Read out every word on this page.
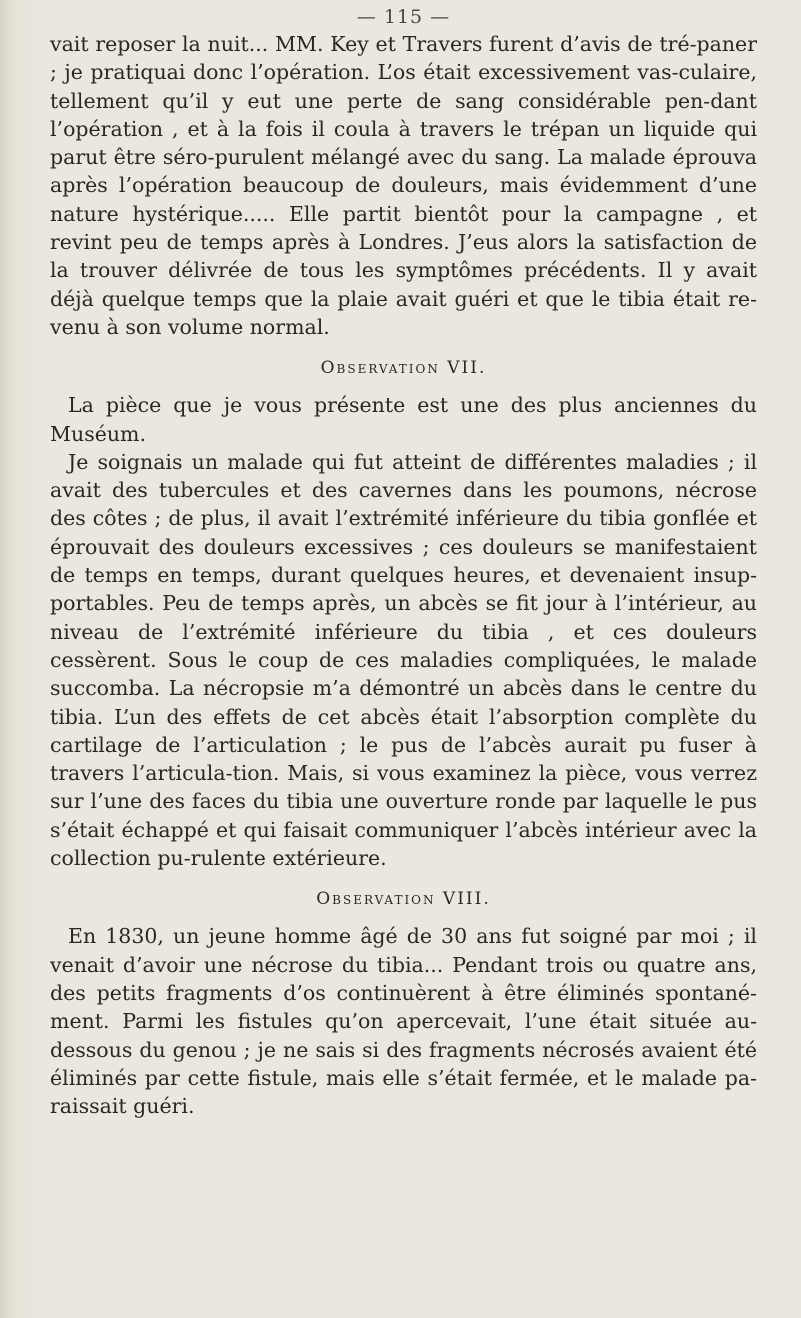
— 115 —

vait reposer la nuit... MM. Key et Travers furent d’avis de tré-paner ; je pratiquai donc l’opération. L’os était excessivement vas-culaire, tellement qu’il y eut une perte de sang considérable pen-dant l’opération , et à la fois il coula à travers le trépan un liquide qui parut être séro-purulent mélangé avec du sang. La malade éprouva après l’opération beaucoup de douleurs, mais évidemment d’une nature hystérique..... Elle partit bientôt pour la campagne , et revint peu de temps après à Londres. J’eus alors la satisfaction de la trouver délivrée de tous les symptômes précédents. Il y avait déjà quelque temps que la plaie avait guéri et que le tibia était re-venu à son volume normal.

Observation VII.

La pièce que je vous présente est une des plus anciennes du Muséum.

Je soignais un malade qui fut atteint de différentes maladies ; il avait des tubercules et des cavernes dans les poumons, nécrose des côtes ; de plus, il avait l’extrémité inférieure du tibia gonflée et éprouvait des douleurs excessives ; ces douleurs se manifestaient de temps en temps, durant quelques heures, et devenaient insup-portables. Peu de temps après, un abcès se fit jour à l’intérieur, au niveau de l’extrémité inférieure du tibia , et ces douleurs cessèrent. Sous le coup de ces maladies compliquées, le malade succomba. La nécropsie m’a démontré un abcès dans le centre du tibia. L’un des effets de cet abcès était l’absorption complète du cartilage de l’articulation ; le pus de l’abcès aurait pu fuser à travers l’articula-tion. Mais, si vous examinez la pièce, vous verrez sur l’une des faces du tibia une ouverture ronde par laquelle le pus s’était échappé et qui faisait communiquer l’abcès intérieur avec la collection pu-rulente extérieure.

Observation VIII.

En 1830, un jeune homme âgé de 30 ans fut soigné par moi ; il venait d’avoir une nécrose du tibia... Pendant trois ou quatre ans, des petits fragments d’os continuèrent à être éliminés spontané-ment. Parmi les fistules qu’on apercevait, l’une était située au-dessous du genou ; je ne sais si des fragments nécrosés avaient été éliminés par cette fistule, mais elle s’était fermée, et le malade pa-raissait guéri.
